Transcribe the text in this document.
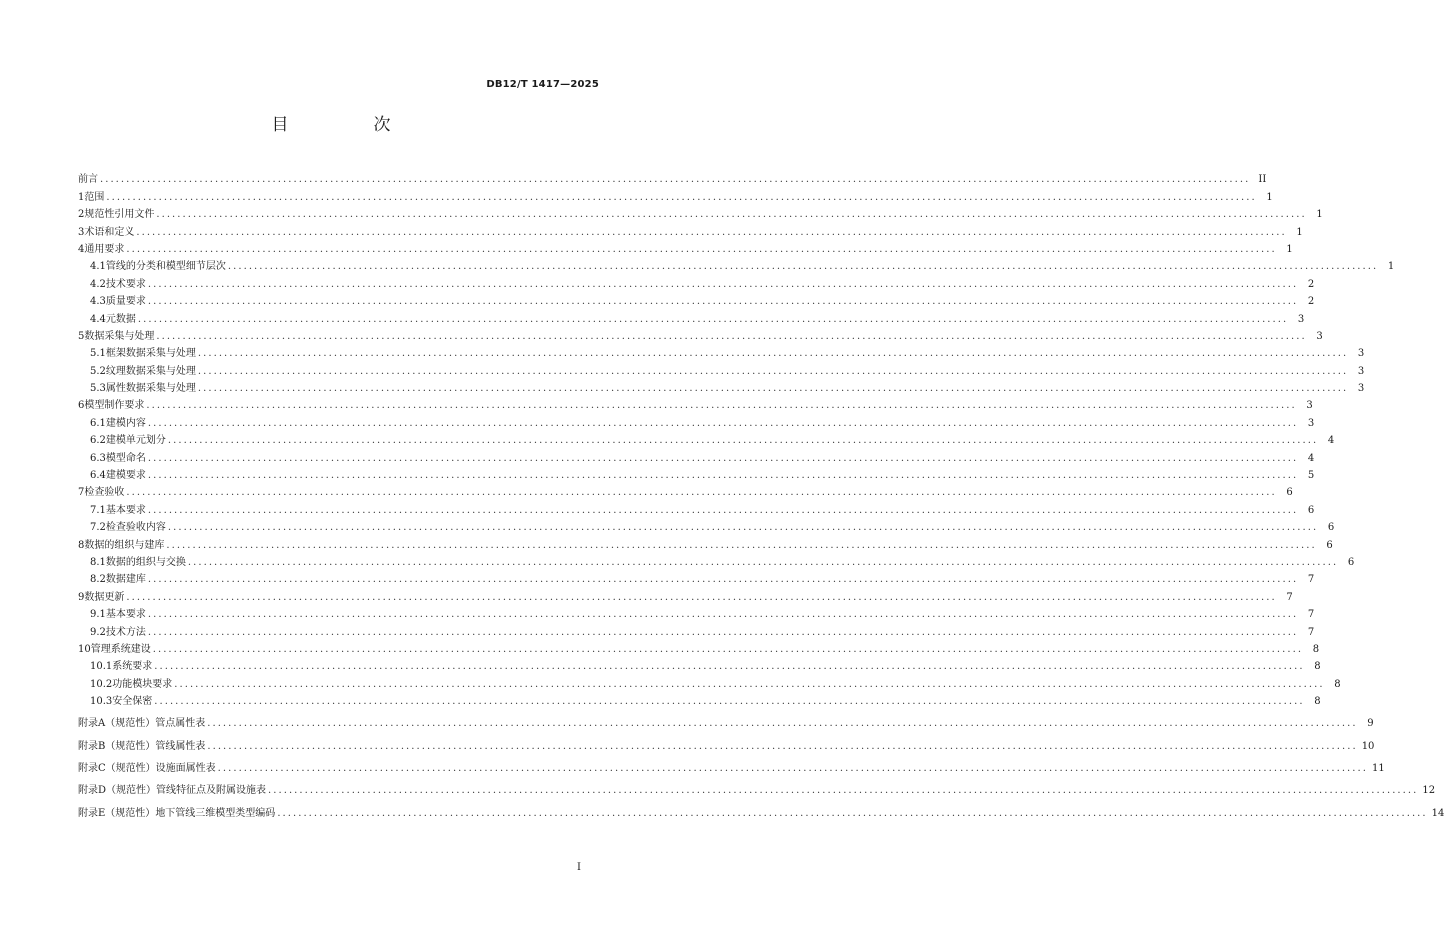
DB12/T 1417—2025
目　次
前言 ............................................................................................................................................................................................................................ II
1 范围 ............................................................................................................................................................................................................................ 1
2 规范性引用文件 ............................................................................................................................................................................................................................ 1
3 术语和定义 ............................................................................................................................................................................................................................ 1
4 通用要求 ............................................................................................................................................................................................................................ 1
4.1 管线的分类和模型细节层次 ............................................................................................................................................................................................................................ 1
4.2 技术要求 ............................................................................................................................................................................................................................ 2
4.3 质量要求 ............................................................................................................................................................................................................................ 2
4.4 元数据 ............................................................................................................................................................................................................................ 3
5 数据采集与处理 ............................................................................................................................................................................................................................ 3
5.1 框架数据采集与处理 ............................................................................................................................................................................................................................ 3
5.2 纹理数据采集与处理 ............................................................................................................................................................................................................................ 3
5.3 属性数据采集与处理 ............................................................................................................................................................................................................................ 3
6 模型制作要求 ............................................................................................................................................................................................................................ 3
6.1 建模内容 ............................................................................................................................................................................................................................ 3
6.2 建模单元划分 ............................................................................................................................................................................................................................ 4
6.3 模型命名 ............................................................................................................................................................................................................................ 4
6.4 建模要求 ............................................................................................................................................................................................................................ 5
7 检查验收 ............................................................................................................................................................................................................................ 6
7.1 基本要求 ............................................................................................................................................................................................................................ 6
7.2 检查验收内容 ............................................................................................................................................................................................................................ 6
8 数据的组织与建库 ............................................................................................................................................................................................................................ 6
8.1 数据的组织与交换 ............................................................................................................................................................................................................................ 6
8.2 数据建库 ............................................................................................................................................................................................................................ 7
9 数据更新 ............................................................................................................................................................................................................................ 7
9.1 基本要求 ............................................................................................................................................................................................................................ 7
9.2 技术方法 ............................................................................................................................................................................................................................ 7
10 管理系统建设 ............................................................................................................................................................................................................................ 8
10.1 系统要求 ............................................................................................................................................................................................................................ 8
10.2 功能模块要求 ............................................................................................................................................................................................................................ 8
10.3 安全保密 ............................................................................................................................................................................................................................ 8
附录A（规范性） 管点属性表 ............................................................................................................................................................................................................................ 9
附录B（规范性） 管线属性表 ............................................................................................................................................................................................................................ 10
附录C（规范性） 设施面属性表 ............................................................................................................................................................................................................................ 11
附录D（规范性） 管线特征点及附属设施表 ............................................................................................................................................................................................................................ 12
附录E（规范性） 地下管线三维模型类型编码 ............................................................................................................................................................................................................................ 14
I
